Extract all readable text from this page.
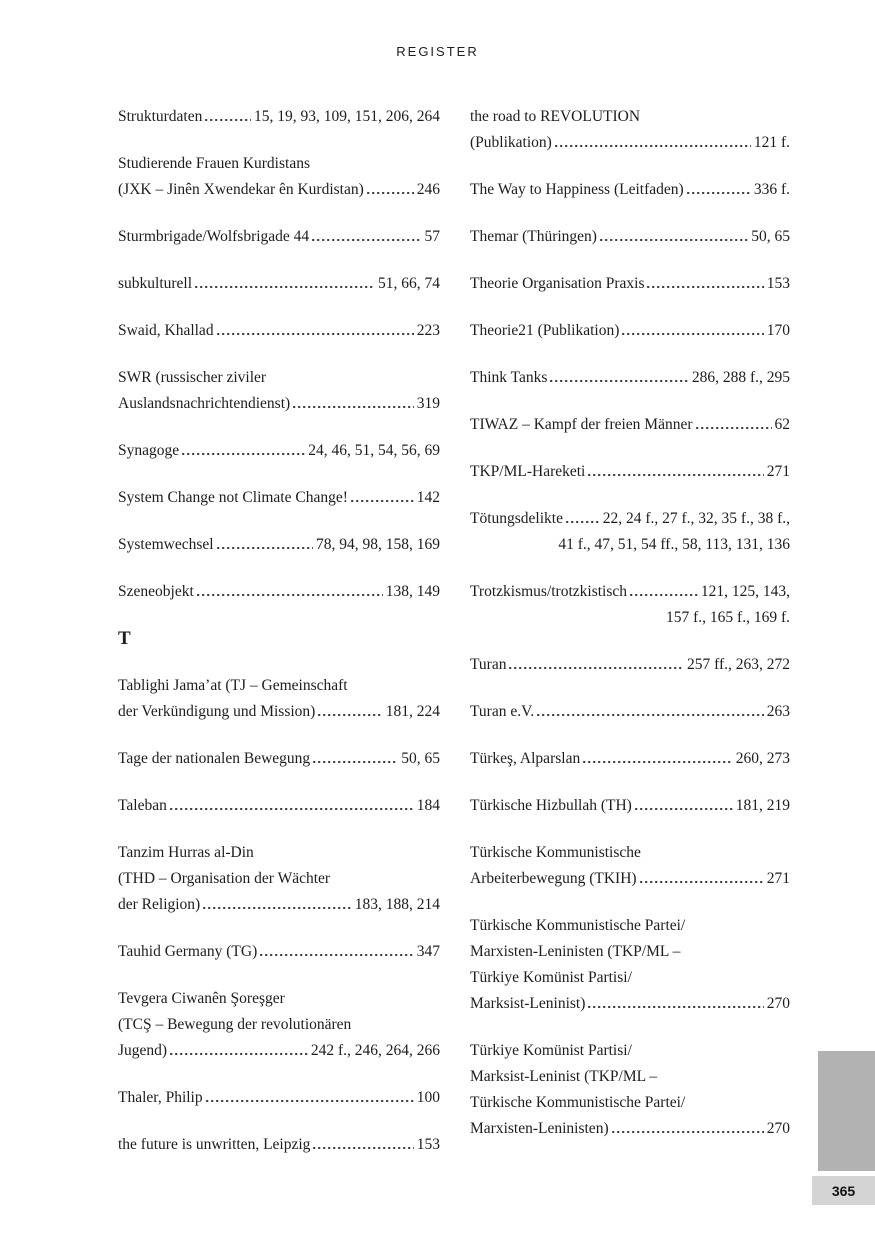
REGISTER
Strukturdaten	15, 19, 93, 109, 151, 206, 264
Studierende Frauen Kurdistans
(JXK – Jinên Xwendekar ên Kurdistan)	246
Sturmbrigade/Wolfsbrigade 44	57
subkulturell	51, 66, 74
Swaid, Khallad	223
SWR (russischer ziviler
Auslandsnachrichtendienst)	319
Synagoge	24, 46, 51, 54, 56, 69
System Change not Climate Change!	142
Systemwechsel	78, 94, 98, 158, 169
Szeneobjekt	138, 149
T
Tablighi Jama’at (TJ – Gemeinschaft
der Verkündigung und Mission)	181, 224
Tage der nationalen Bewegung	50, 65
Taleban	184
Tanzim Hurras al-Din
(THD – Organisation der Wächter
der Religion)	183, 188, 214
Tauhid Germany (TG)	347
Tevgera Ciwanên Şoreşger
(TCŞ – Bewegung der revolutionären
Jugend)	242 f., 246, 264, 266
Thaler, Philip	100
the future is unwritten, Leipzig	153
the road to REVOLUTION
(Publikation)	121 f.
The Way to Happiness (Leitfaden)	336 f.
Themar (Thüringen)	50, 65
Theorie Organisation Praxis	153
Theorie21 (Publikation)	170
Think Tanks	286, 288 f., 295
TIWAZ – Kampf der freien Männer	62
TKP/ML-Hareketi	271
Tötungsdelikte	22, 24 f., 27 f., 32, 35 f., 38 f.,
41 f., 47, 51, 54 ff., 58, 113, 131, 136
Trotzkismus/trotzkistisch	121, 125, 143,
157 f., 165 f., 169 f.
Turan	257 ff., 263, 272
Turan e.V.	263
Türkeş, Alparslan	260, 273
Türkische Hizbullah (TH)	181, 219
Türkische Kommunistische
Arbeiterbewegung (TKIH)	271
Türkische Kommunistische Partei/
Marxisten-Leninisten (TKP/ML –
Türkiye Komünist Partisi/
Marksist-Leninist)	270
Türkiye Komünist Partisi/
Marksist-Leninist (TKP/ML –
Türkische Kommunistische Partei/
Marxisten-Leninisten)	270
365
